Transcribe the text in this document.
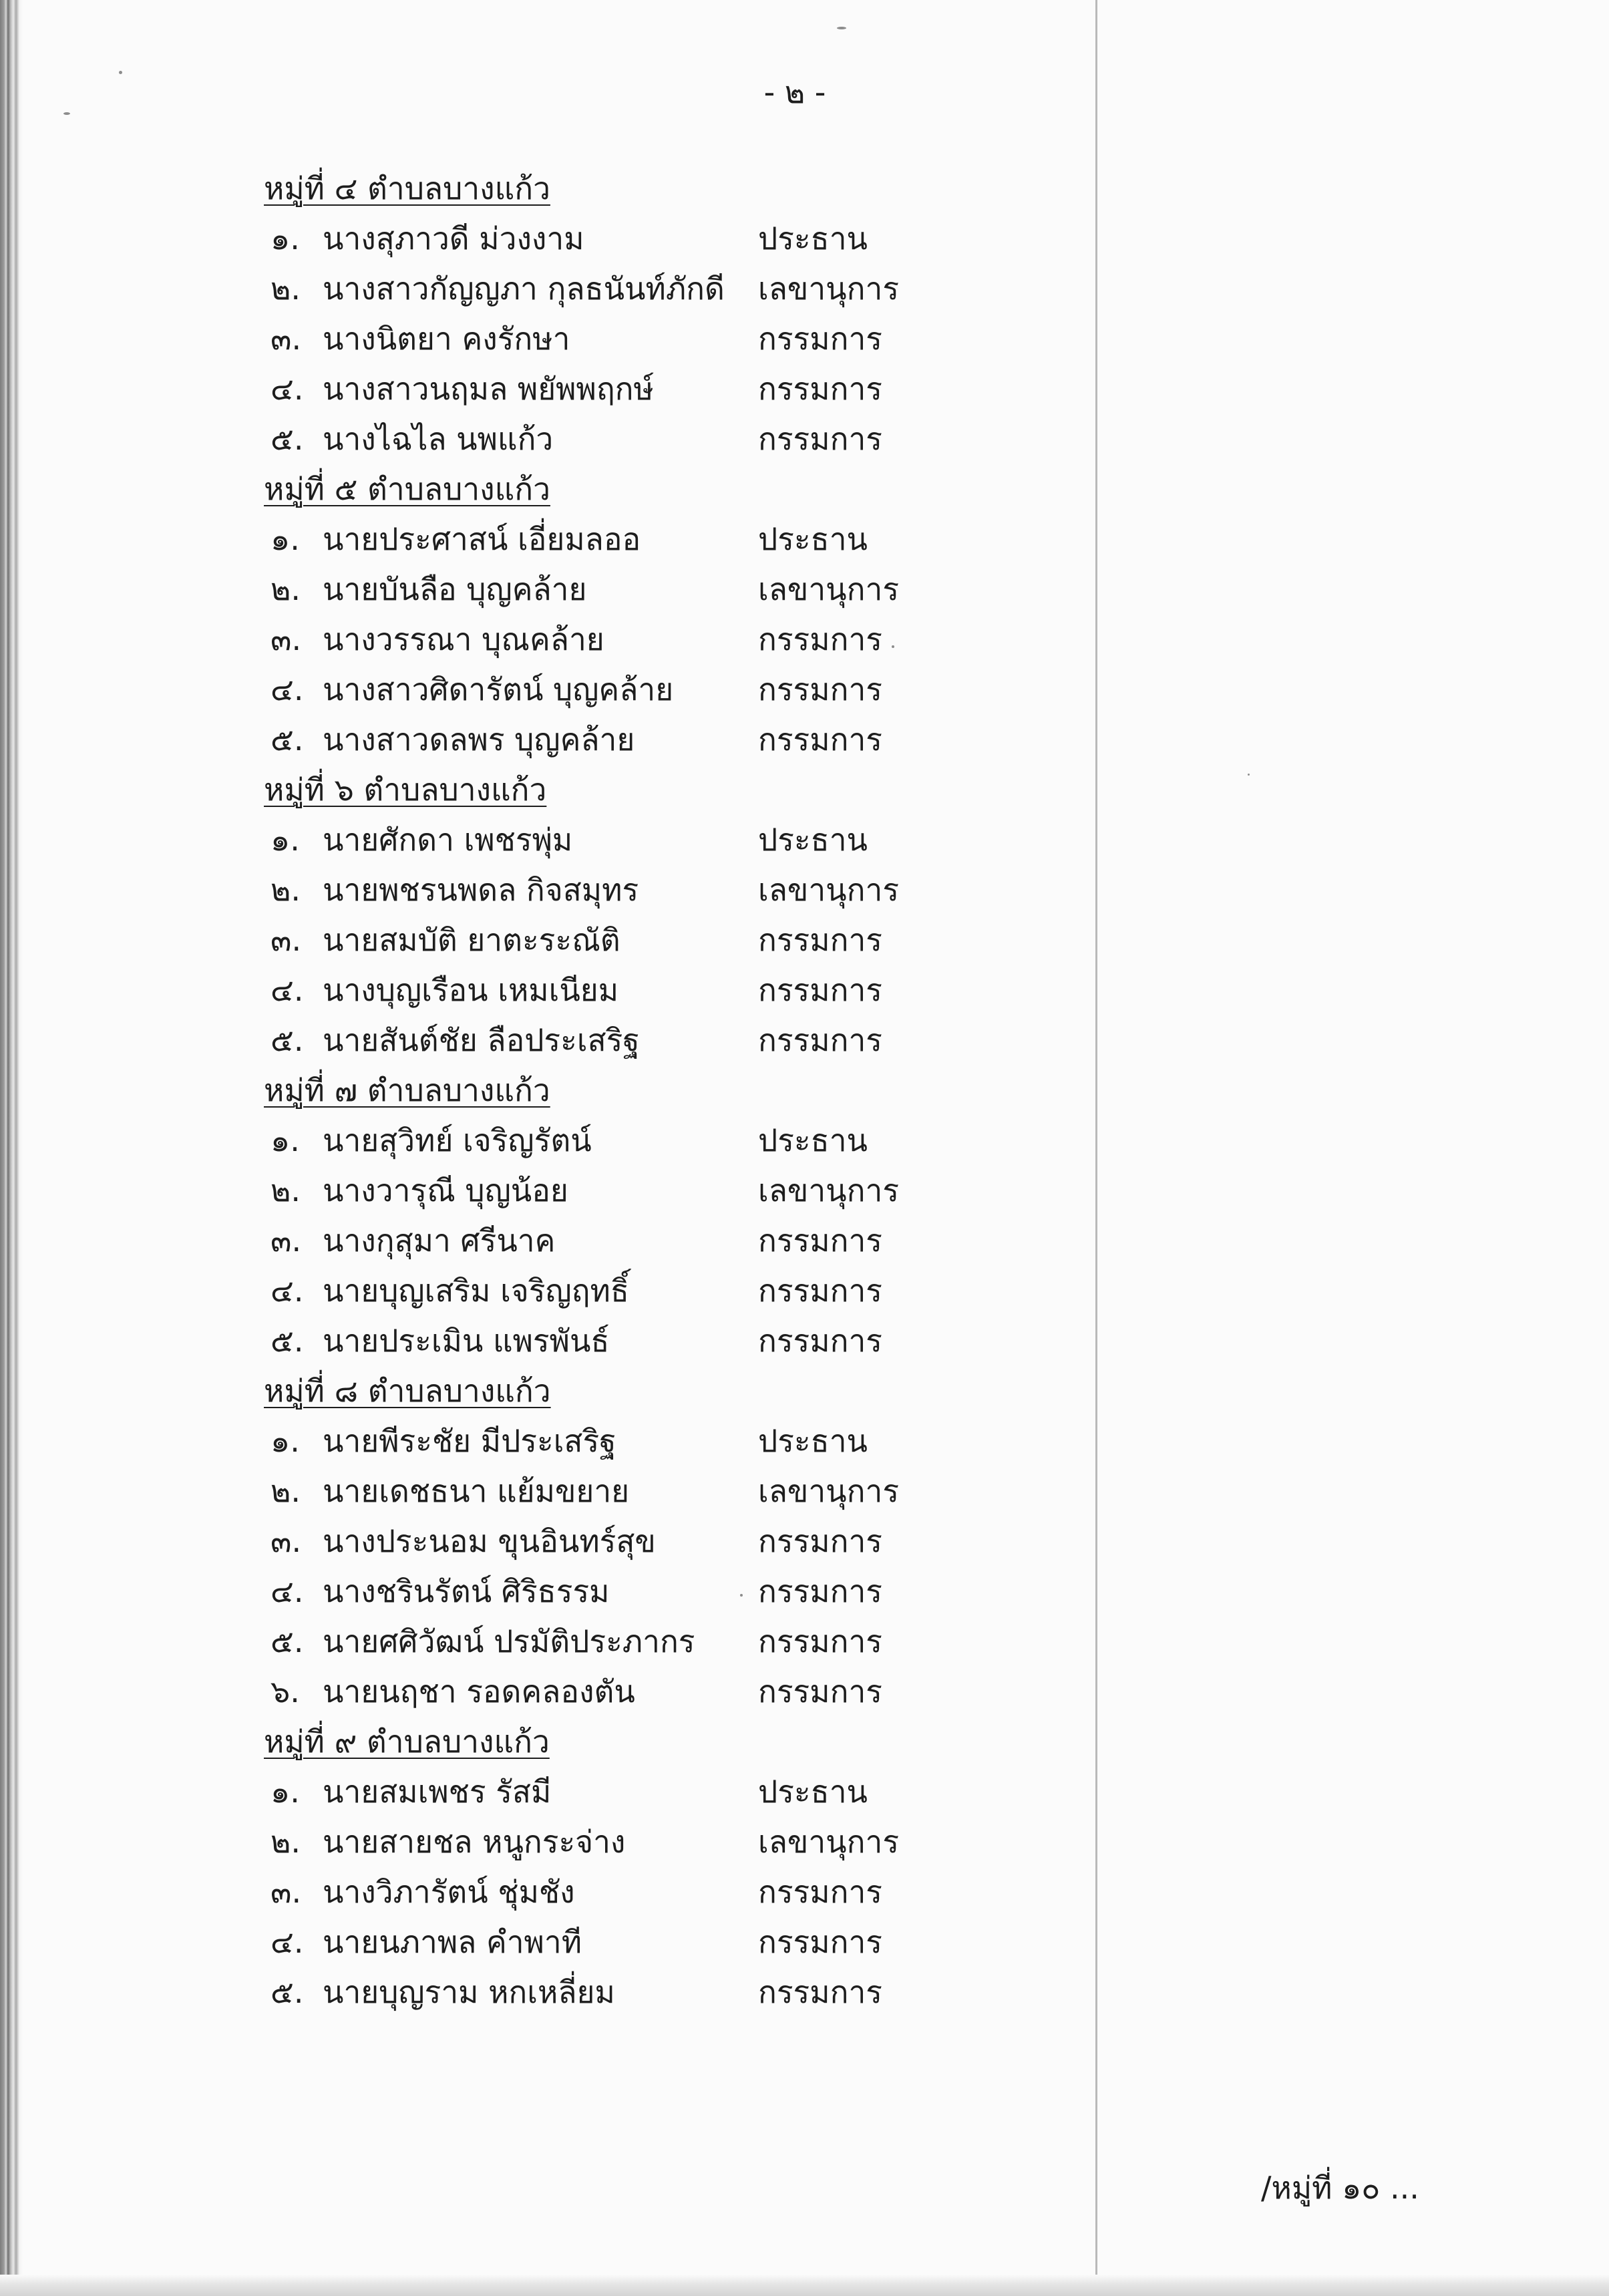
- ๒ -
หมู่ที่ ๔ ตำบลบางแก้ว
๑. นางสุภาวดี ม่วงงาม	ประธาน
๒. นางสาวกัญญภา กุลธนันท์ภักดี	เลขานุการ
๓. นางนิตยา คงรักษา	กรรมการ
๔. นางสาวนฤมล พยัพพฤกษ์	กรรมการ
๕. นางไฉไล นพแก้ว	กรรมการ
หมู่ที่ ๕ ตำบลบางแก้ว
๑. นายประศาสน์ เอี่ยมลออ	ประธาน
๒. นายบันลือ บุญคล้าย	เลขานุการ
๓. นางวรรณา บุณคล้าย	กรรมการ
๔. นางสาวศิดารัตน์ บุญคล้าย	กรรมการ
๕. นางสาวดลพร บุญคล้าย	กรรมการ
หมู่ที่ ๖ ตำบลบางแก้ว
๑. นายศักดา เพชรพุ่ม	ประธาน
๒. นายพชรนพดล กิจสมุทร	เลขานุการ
๓. นายสมบัติ ยาตะระณัติ	กรรมการ
๔. นางบุญเรือน เหมเนียม	กรรมการ
๕. นายสันต์ชัย ลือประเสริฐ	กรรมการ
หมู่ที่ ๗ ตำบลบางแก้ว
๑. นายสุวิทย์ เจริญรัตน์	ประธาน
๒. นางวารุณี บุญน้อย	เลขานุการ
๓. นางกุสุมา ศรีนาค	กรรมการ
๔. นายบุญเสริม เจริญฤทธิ์	กรรมการ
๕. นายประเมิน แพรพันธ์	กรรมการ
หมู่ที่ ๘ ตำบลบางแก้ว
๑. นายพีระชัย มีประเสริฐ	ประธาน
๒. นายเดชธนา แย้มขยาย	เลขานุการ
๓. นางประนอม ขุนอินทร์สุข	กรรมการ
๔. นางชรินรัตน์ ศิริธรรม	กรรมการ
๕. นายศศิวัฒน์ ปรมัติประภากร	กรรมการ
๖. นายนฤชา รอดคลองตัน	กรรมการ
หมู่ที่ ๙ ตำบลบางแก้ว
๑. นายสมเพชร รัสมี	ประธาน
๒. นายสายชล หนูกระจ่าง	เลขานุการ
๓. นางวิภารัตน์ ชุ่มชัง	กรรมการ
๔. นายนภาพล คำพาที	กรรมการ
๕. นายบุญราม หกเหลี่ยม	กรรมการ
/หมู่ที่ ๑๐ ...
